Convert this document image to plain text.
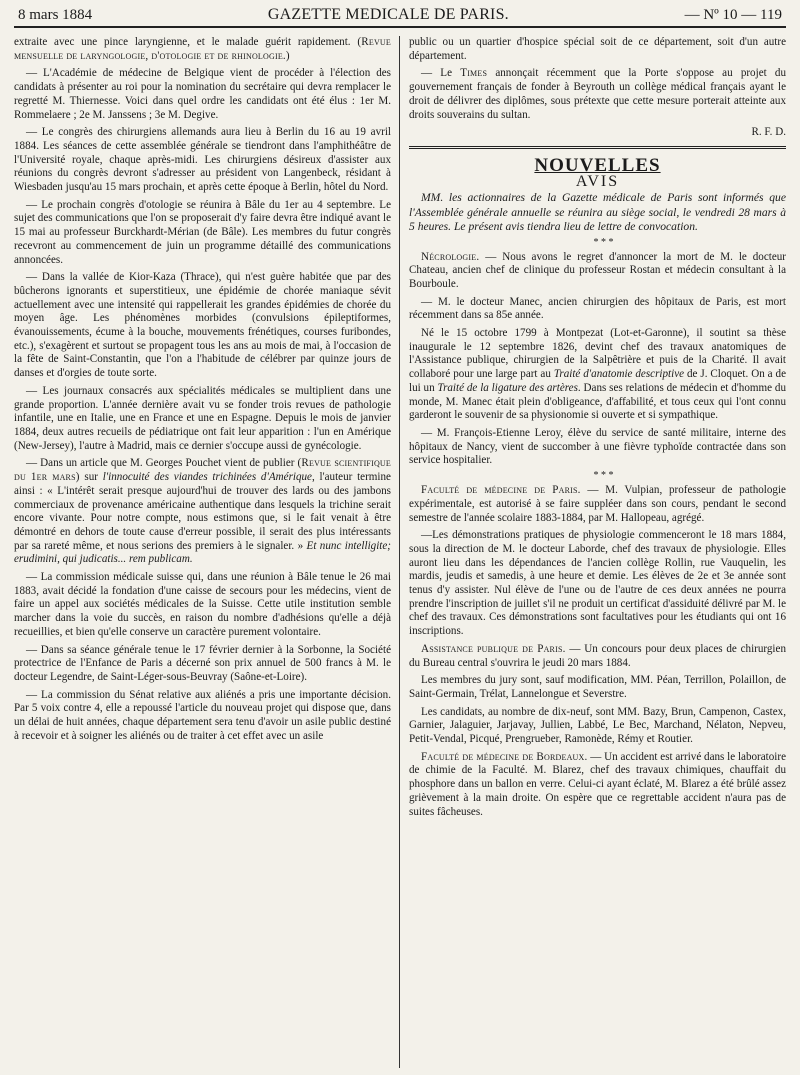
8 mars 1884	GAZETTE MEDICALE DE PARIS.	— Nº 10 — 119

extraite avec une pince laryngienne, et le malade guérit rapidement. (Revue mensuelle de laryngologie, d'otologie et de rhinologie.)

— L'Académie de médecine de Belgique vient de procéder à l'élection des candidats à présenter au roi pour la nomination du secrétaire qui devra remplacer le regretté M. Thiernesse. Voici dans quel ordre les candidats ont été élus : 1er M. Rommelaere ; 2e M. Janssens ; 3e M. Degive.

— Le congrès des chirurgiens allemands aura lieu à Berlin du 16 au 19 avril 1884. Les séances de cette assemblée générale se tiendront dans l'amphithéâtre de l'Université royale, chaque après-midi. Les chirurgiens désireux d'assister aux réunions du congrès devront s'adresser au président von Langenbeck, résidant à Wiesbaden jusqu'au 15 mars prochain, et après cette époque à Berlin, hôtel du Nord.

— Le prochain congrès d'otologie se réunira à Bâle du 1er au 4 septembre. Le sujet des communications que l'on se proposerait d'y faire devra être indiqué avant le 15 mai au professeur Burckhardt-Mérian (de Bâle). Les membres du futur congrès recevront au commencement de juin un programme détaillé des communications annoncées.

— Dans la vallée de Kior-Kaza (Thrace), qui n'est guère habitée que par des bûcherons ignorants et superstitieux, une épidémie de chorée maniaque sévit actuellement avec une intensité qui rappellerait les grandes épidémies de chorée du moyen âge. Les phénomènes morbides (convulsions épileptiformes, évanouissements, écume à la bouche, mouvements frénétiques, courses furibondes, etc.), s'exagèrent et surtout se propagent tous les ans au mois de mai, à l'occasion de la fête de Saint-Constantin, que l'on a l'habitude de célébrer par quinze jours de danses et d'orgies de toute sorte.

— Les journaux consacrés aux spécialités médicales se multiplient dans une grande proportion. L'année dernière avait vu se fonder trois revues de pathologie infantile, une en Italie, une en France et une en Espagne. Depuis le mois de janvier 1884, deux autres recueils de pédiatrique ont fait leur apparition : l'un en Amérique (New-Jersey), l'autre à Madrid, mais ce dernier s'occupe aussi de gynécologie.

— Dans un article que M. Georges Pouchet vient de publier (Revue scientifique du 1er mars) sur l'innocuité des viandes trichinées d'Amérique, l'auteur termine ainsi : « L'intérêt serait presque aujourd'hui de trouver des lards ou des jambons commerciaux de provenance américaine authentique dans lesquels la trichine serait encore vivante. Pour notre compte, nous estimons que, si le fait venait à être démontré en dehors de toute cause d'erreur possible, il serait des plus intéressants par sa rareté même, et nous serions des premiers à le signaler. » Et nunc intelligite; erudimini, qui judicatis... rem publicam.

— La commission médicale suisse qui, dans une réunion à Bâle tenue le 26 mai 1883, avait décidé la fondation d'une caisse de secours pour les médecins, vient de faire un appel aux sociétés médicales de la Suisse. Cette utile institution semble marcher dans la voie du succès, en raison du nombre d'adhésions qu'elle a déjà recueillies, et bien qu'elle conserve un caractère purement volontaire.

— Dans sa séance générale tenue le 17 février dernier à la Sorbonne, la Société protectrice de l'Enfance de Paris a décerné son prix annuel de 500 francs à M. le docteur Legendre, de Saint-Léger-sous-Beuvray (Saône-et-Loire).

— La commission du Sénat relative aux aliénés a pris une importante décision. Par 5 voix contre 4, elle a repoussé l'article du nouveau projet qui dispose que, dans un délai de huit années, chaque département sera tenu d'avoir un asile public destiné à recevoir et à soigner les aliénés ou de traiter à cet effet avec un asile

public ou un quartier d'hospice spécial soit de ce département, soit d'un autre département.

— Le Times annonçait récemment que la Porte s'oppose au projet du gouvernement français de fonder à Beyrouth un collège médical français ayant le droit de délivrer des diplômes, sous prétexte que cette mesure porterait atteinte aux droits souverains du sultan.

R. F. D.

NOUVELLES
AVIS

MM. les actionnaires de la Gazette médicale de Paris sont informés que l'Assemblée générale annuelle se réunira au siège social, le vendredi 28 mars à 5 heures. Le présent avis tiendra lieu de lettre de convocation.

* * *

Nécrologie. — Nous avons le regret d'annoncer la mort de M. le docteur Chateau, ancien chef de clinique du professeur Rostan et médecin consultant à la Bourboule.

— M. le docteur Manec, ancien chirurgien des hôpitaux de Paris, est mort récemment dans sa 85e année.

Né le 15 octobre 1799 à Montpezat (Lot-et-Garonne), il soutint sa thèse inaugurale le 12 septembre 1826, devint chef des travaux anatomiques de l'Assistance publique, chirurgien de la Salpêtrière et puis de la Charité. Il avait collaboré pour une large part au Traité d'anatomie descriptive de J. Cloquet. On a de lui un Traité de la ligature des artères. Dans ses relations de médecin et d'homme du monde, M. Manec était plein d'obligeance, d'affabilité, et tous ceux qui l'ont connu garderont le souvenir de sa physionomie si ouverte et si sympathique.

— M. François-Etienne Leroy, élève du service de santé militaire, interne des hôpitaux de Nancy, vient de succomber à une fièvre typhoïde contractée dans son service hospitalier.

* * *

Faculté de médecine de Paris. — M. Vulpian, professeur de pathologie expérimentale, est autorisé à se faire suppléer dans son cours, pendant le second semestre de l'année scolaire 1883-1884, par M. Hallopeau, agrégé.

—Les démonstrations pratiques de physiologie commenceront le 18 mars 1884, sous la direction de M. le docteur Laborde, chef des travaux de physiologie. Elles auront lieu dans les dépendances de l'ancien collège Rollin, rue Vauquelin, les mardis, jeudis et samedis, à une heure et demie. Les élèves de 2e et 3e année sont tenus d'y assister. Nul élève de l'une ou de l'autre de ces deux années ne pourra prendre l'inscription de juillet s'il ne produit un certificat d'assiduité délivré par M. le chef des travaux. Ces démonstrations sont facultatives pour les étudiants qui ont 16 inscriptions.

Assistance publique de Paris. — Un concours pour deux places de chirurgien du Bureau central s'ouvrira le jeudi 20 mars 1884.

Les membres du jury sont, sauf modification, MM. Péan, Terrillon, Polaillon, de Saint-Germain, Trélat, Lannelongue et Severstre.

Les candidats, au nombre de dix-neuf, sont MM. Bazy, Brun, Campenon, Castex, Garnier, Jalaguier, Jarjavay, Jullien, Labbé, Le Bec, Marchand, Nélaton, Nepveu, Petit-Vendal, Picqué, Prengrueber, Ramonède, Rémy et Routier.

Faculté de médecine de Bordeaux. — Un accident est arrivé dans le laboratoire de chimie de la Faculté. M. Blarez, chef des travaux chimiques, chauffait du phosphore dans un ballon en verre. Celui-ci ayant éclaté, M. Blarez a été brûlé assez grièvement à la main droite. On espère que ce regrettable accident n'aura pas de suites fâcheuses.
